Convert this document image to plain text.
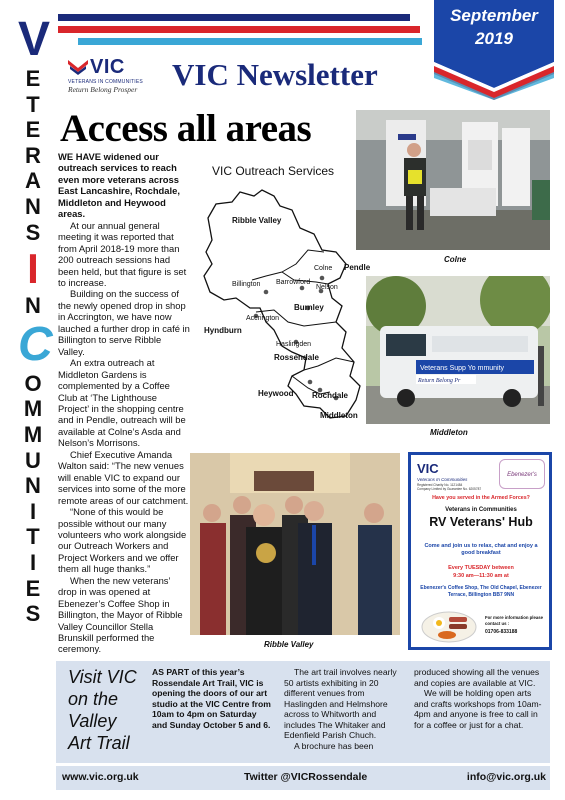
V
E
T
E
R
A
N
S
I
N
C
O
M
M
U
N
I
T
I
E
S
September
2019
VIC
VETERANS IN COMMUNITIES
Return Belong Prosper	VIC Newsletter
Access all areas

WE HAVE widened our outreach services to reach even more veterans across East Lancashire, Rochdale, Middleton and Heywood areas.

At our annual general meeting it was reported that from April 2018-19 more than 200 outreach sessions had been held, but that figure is set to increase.

Building on the success of the newly opened drop in shop in Accrington, we have now lauched a further drop in café in Billington to serve Ribble Valley.

An extra outreach at Middleton Gardens is complemented by a Coffee Club at ‘The Lighthouse Project’ in the shopping centre and in Pendle, outreach will be available at Colne’s Asda and Nelson’s Morrisons.

Chief Executive Amanda Walton said: “The new venues will enable VIC to expand our services into some of the more remote areas of our catchment.

“None of this would be possible without our many volunteers who work alongside our Outreach Workers and Project Workers and we offer them all huge thanks.”

When the new veterans’ drop in was opened at Ebenezer’s Coffee Shop in Billington, the Mayor of Ribble Valley Councillor Stella Brunskill performed the ceremony.

VIC Outreach Services
Ribble Valley
Pendle
Burnley
Hyndburn
Rossendale
Rochdale
Heywood
Middleton
Colne
Barrowford
Nelson
Billington
Accrington
Haslingden
Colne
Veterans Supp Yo mmunity
Return Belong Pr
Middleton
Ribble Valley
VIC
Veterans In Communities
Registered Charity No. 1121484
Company Limited by Guarantee No. 6205787
Ebenezer's
Have you served in the Armed Forces?
Veterans in Communities
RV Veterans' Hub
Come and join us to relax, chat and enjoy a good breakfast
Every TUESDAY between
9:30 am—11:30 am at
Ebenezer's Coffee Shop, The Old Chapel, Ebenezer Terrace, Billington BB7 9NN
For more information please contact us :
01706-833188
Visit VIC
on the
Valley
Art Trail
AS PART of this year’s Rossendale Art Trail, VIC is opening the doors of our art studio at the VIC Centre from 10am to 4pm on Saturday and Sunday October 5 and 6.
The art trail involves nearly 50 artists exhibiting in 20 different venues from Haslingden and Helmshore across to Whitworth and includes The Whitaker and Edenfield Parish Chuch.
A brochure has been
produced showing all the venues and copies are available at VIC.
We will be holding open arts and crafts workshops from 10am-4pm and anyone is free to call in for a coffee or just for a chat.
www.vic.org.uk	Twitter @VICRossendale	info@vic.org.uk
